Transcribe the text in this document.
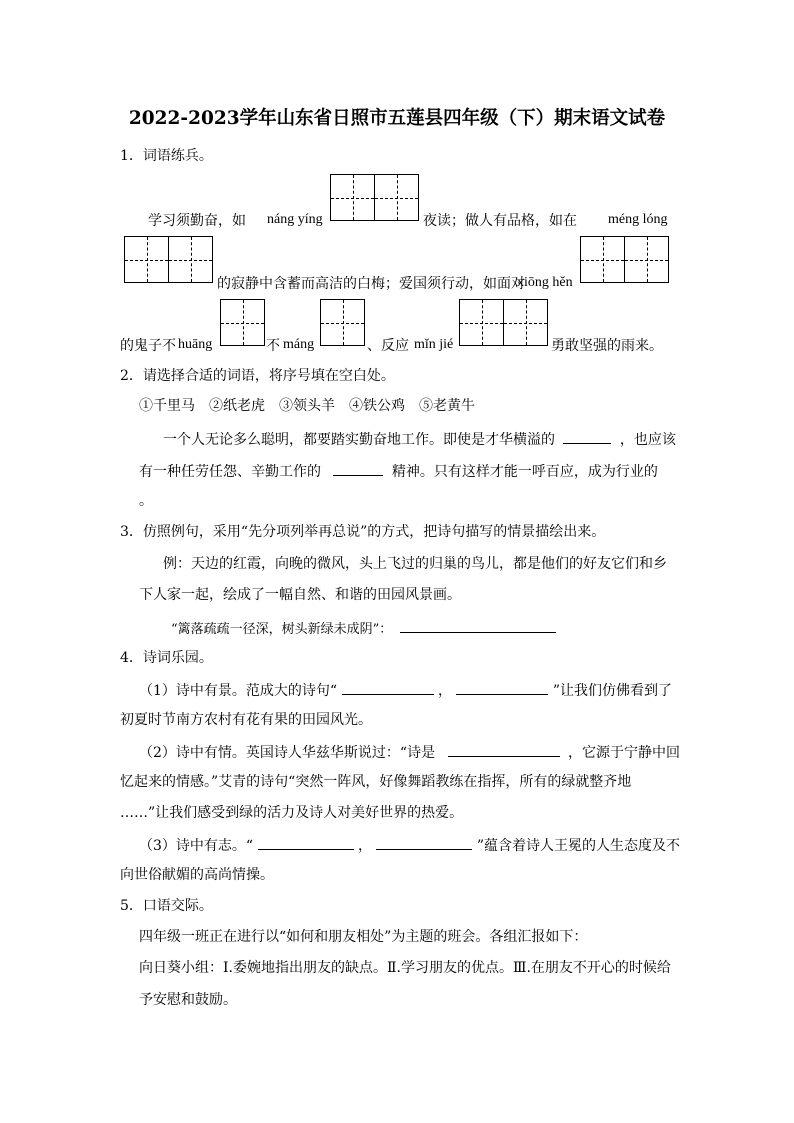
2022-2023学年山东省日照市五莲县四年级（下）期末语文试卷
1．词语练兵。
学习须勤奋，如 náng yíng	夜读；做人有品格，如在 méng lóng
的寂静中含蓄而高洁的白梅；爱国须行动，如面对
xiōng hěn
的鬼子不 huāng	不 máng	、反应 mǐn jié	勇敢坚强的雨来。
2．请选择合适的词语，将序号填在空白处。
①千里马　②纸老虎　③领头羊　④铁公鸡　⑤老黄牛
一个人无论多么聪明，都要踏实勤奋地工作。即使是才华横溢的	，也应该
有一种任劳任怨、辛勤工作的	精神。只有这样才能一呼百应，成为行业的
。
3．仿照例句，采用“先分项列举再总说”的方式，把诗句描写的情景描绘出来。
例：天边的红霞，向晚的微风，头上飞过的归巢的鸟儿，都是他们的好友它们和乡
下人家一起，绘成了一幅自然、和谐的田园风景画。
“篱落疏疏一径深，树头新绿未成阴”：
4．诗词乐园。
（1）诗中有景。范成大的诗句“	，	”让我们仿佛看到了
初夏时节南方农村有花有果的田园风光。
（2）诗中有情。英国诗人华兹华斯说过：“诗是	，它源于宁静中回
忆起来的情感。”艾青的诗句“突然一阵风，好像舞蹈教练在指挥，所有的绿就整齐地
……”让我们感受到绿的活力及诗人对美好世界的热爱。
（3）诗中有志。“	，	”蕴含着诗人王冕的人生态度及不
向世俗献媚的高尚情操。
5．口语交际。
四年级一班正在进行以“如何和朋友相处”为主题的班会。各组汇报如下：
向日葵小组：Ⅰ.委婉地指出朋友的缺点。Ⅱ.学习朋友的优点。Ⅲ.在朋友不开心的时候给
予安慰和鼓励。
